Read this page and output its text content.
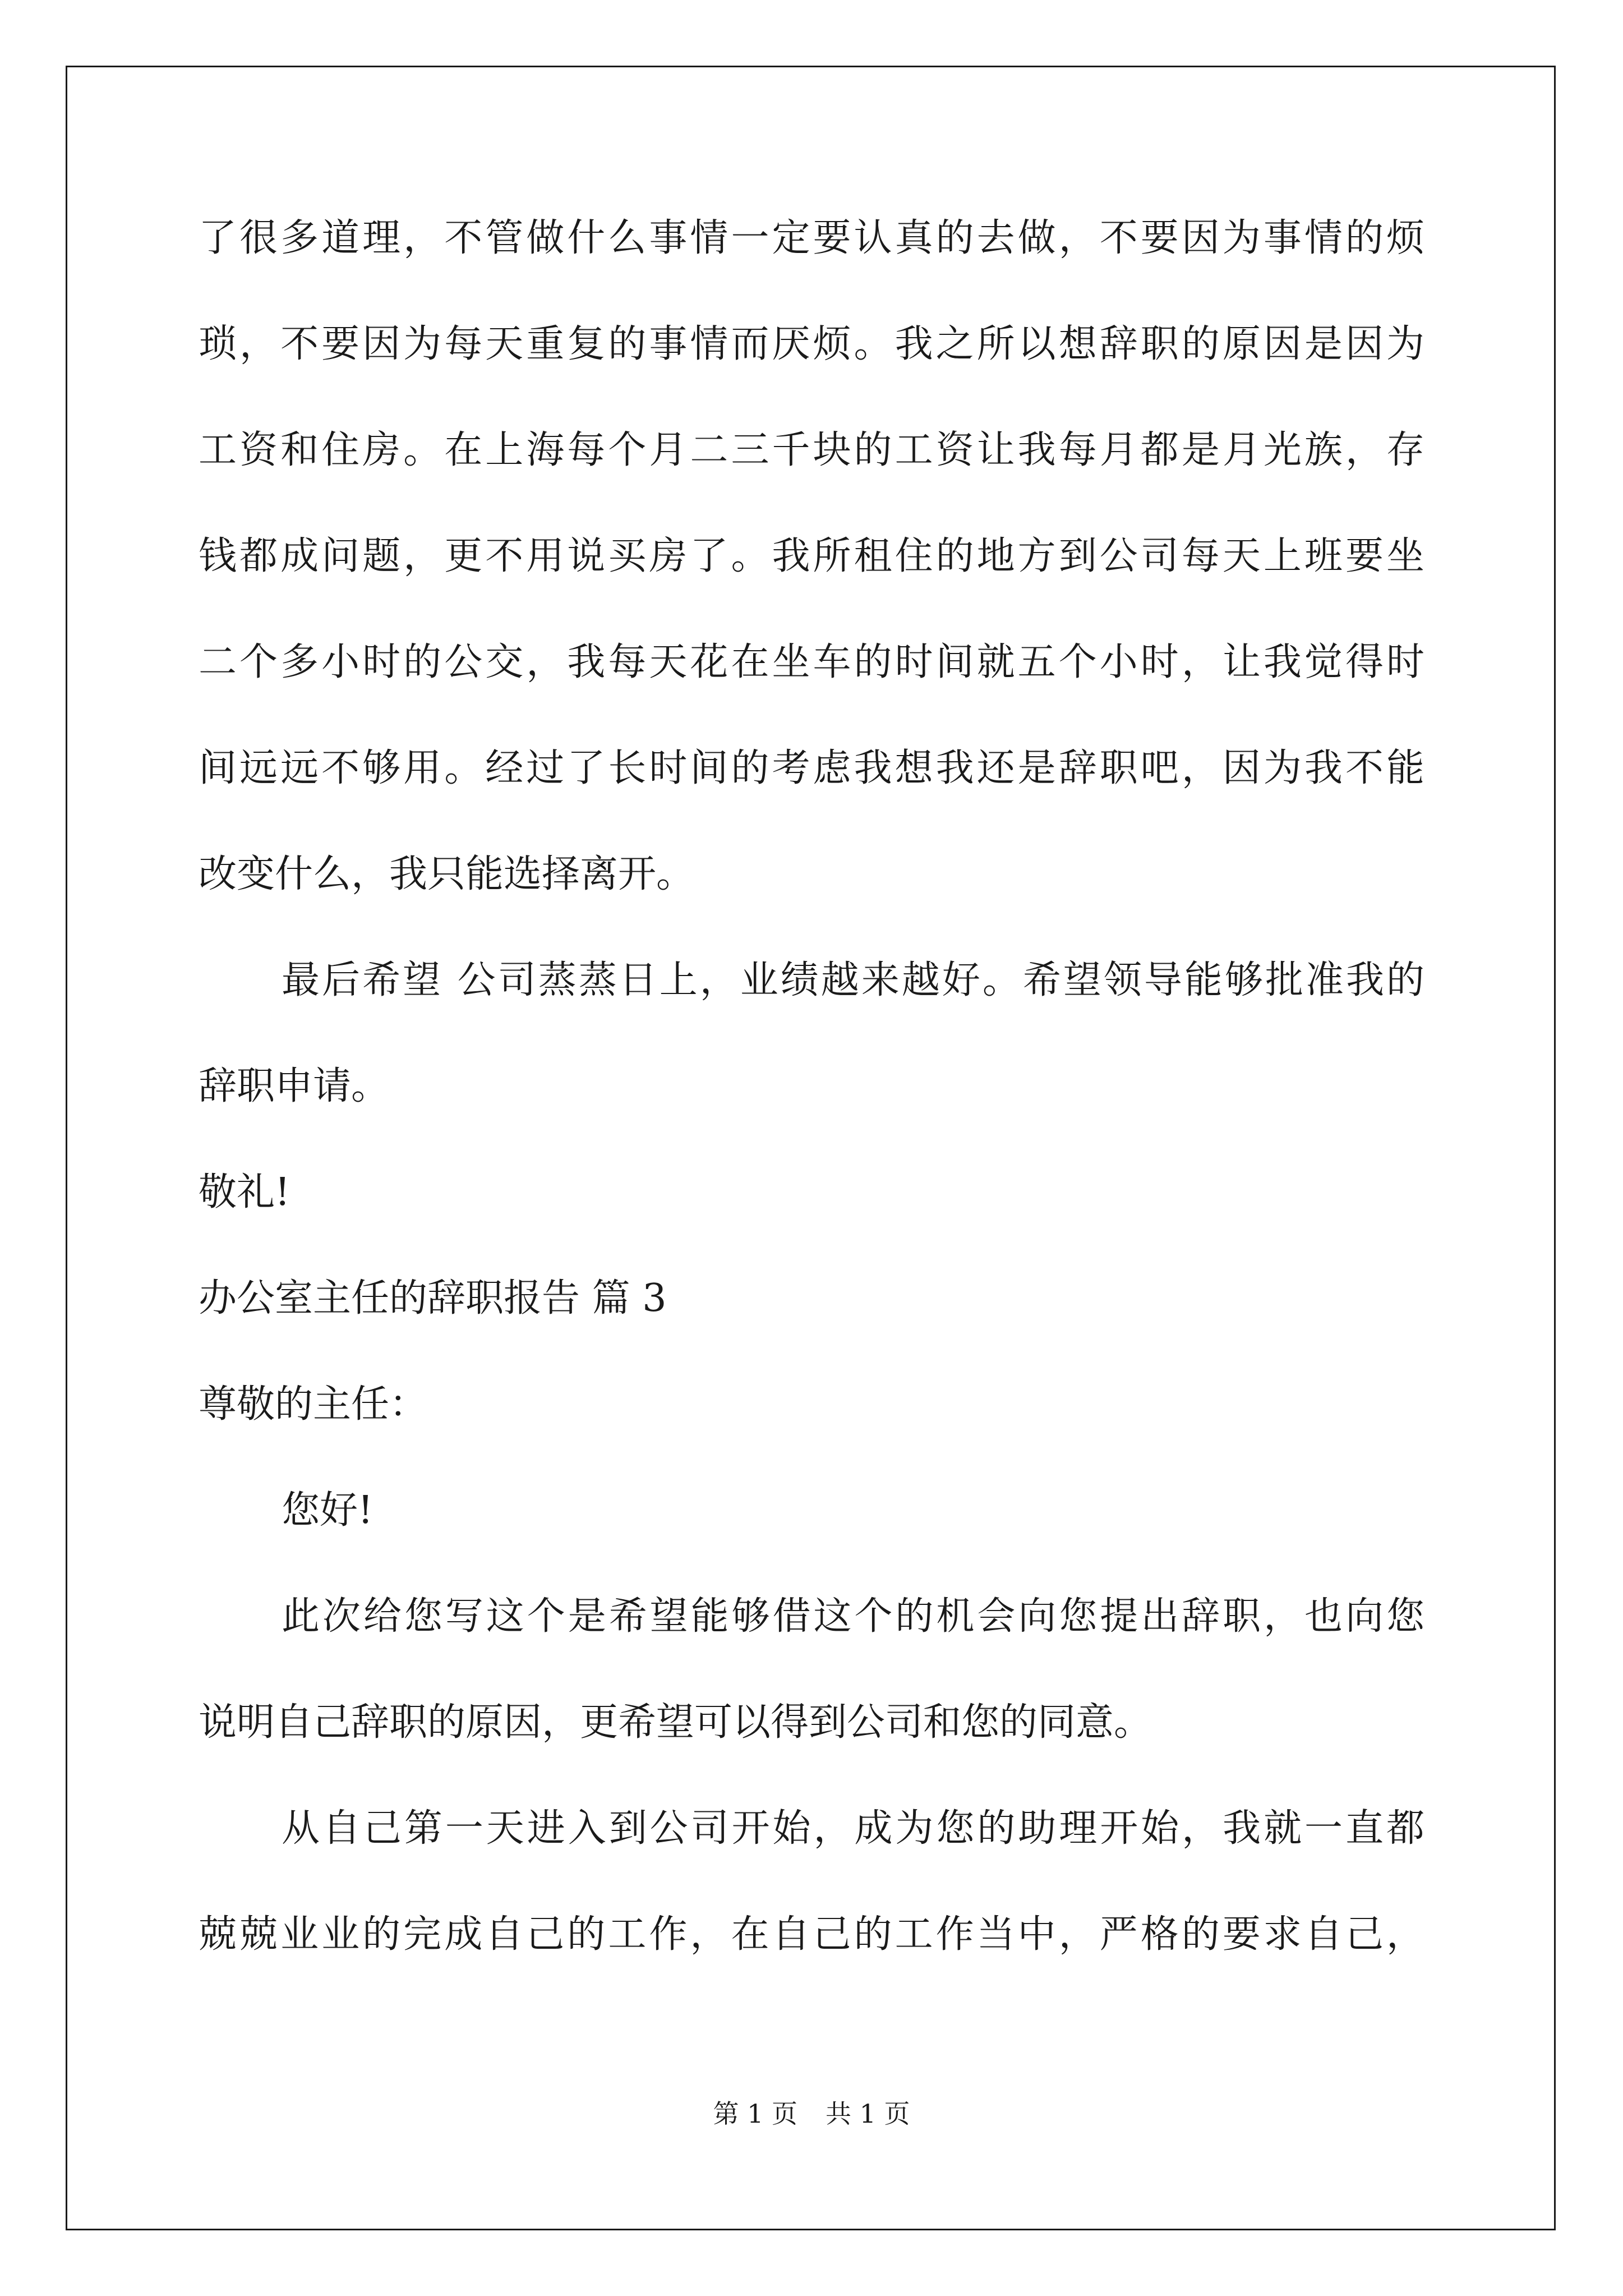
了很多道理，不管做什么事情一定要认真的去做，不要因为事情的烦
琐，不要因为每天重复的事情而厌烦。我之所以想辞职的原因是因为
工资和住房。在上海每个月二三千块的工资让我每月都是月光族，存
钱都成问题，更不用说买房了。我所租住的地方到公司每天上班要坐
二个多小时的公交，我每天花在坐车的时间就五个小时，让我觉得时
间远远不够用。经过了长时间的考虑我想我还是辞职吧，因为我不能
改变什么，我只能选择离开。
最后希望 公司蒸蒸日上，业绩越来越好。希望领导能够批准我的
辞职申请。
敬礼!
办公室主任的辞职报告 篇 3
尊敬的主任：
您好!
此次给您写这个是希望能够借这个的机会向您提出辞职，也向您
说明自己辞职的原因，更希望可以得到公司和您的同意。
从自己第一天进入到公司开始，成为您的助理开始，我就一直都
兢兢业业的完成自己的工作，在自己的工作当中，严格的要求自己，
第 1 页 共 1 页
